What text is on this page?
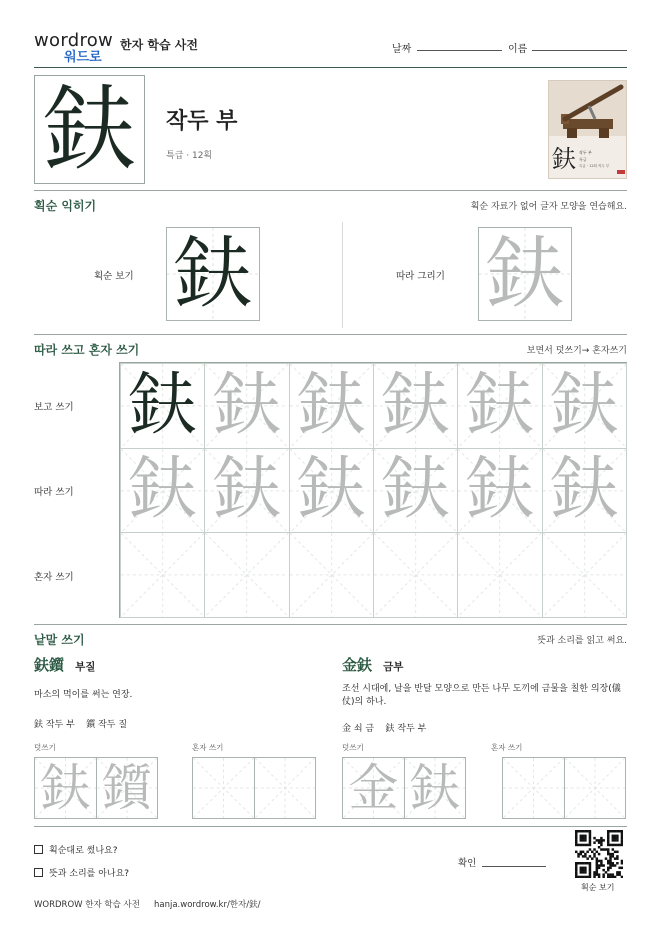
wordrow
워드로
한자 학습 사전	날짜	이름
鈇	작두 부
특급 · 12획	鈇 작두 부
특급
특급 · 12획 작두 부
획순 익히기	획순 자료가 없어 글자 모양을 연습해요.
획순 보기 鈇	따라 그리기 鈇
따라 쓰고 혼자 쓰기	보면서 덧쓰기→ 혼자쓰기
보고 쓰기
따라 쓰기
혼자 쓰기
鈇 鈇 鈇 鈇 鈇 鈇
鈇 鈇 鈇 鈇 鈇 鈇
낱말 쓰기	뜻과 소리를 읽고 써요.
鈇鑕 부질
마소의 먹이를 써는 연장.
鈇 작두 부    鑕 작두 질
덧쓰기	혼자 쓰기
金鈇 금부
조선 시대에, 날을 반달 모양으로 만든 나무 도끼에 금물을 칠한 의장(儀仗)의 하나.
金 쇠 금    鈇 작두 부
덧쓰기	혼자 쓰기
鈇 鑕	金 鈇
획순대로 썼나요?
뜻과 소리를 아나요?
확인
획순 보기
WORDROW 한자 학습 사전 hanja.wordrow.kr/한자/鈇/
